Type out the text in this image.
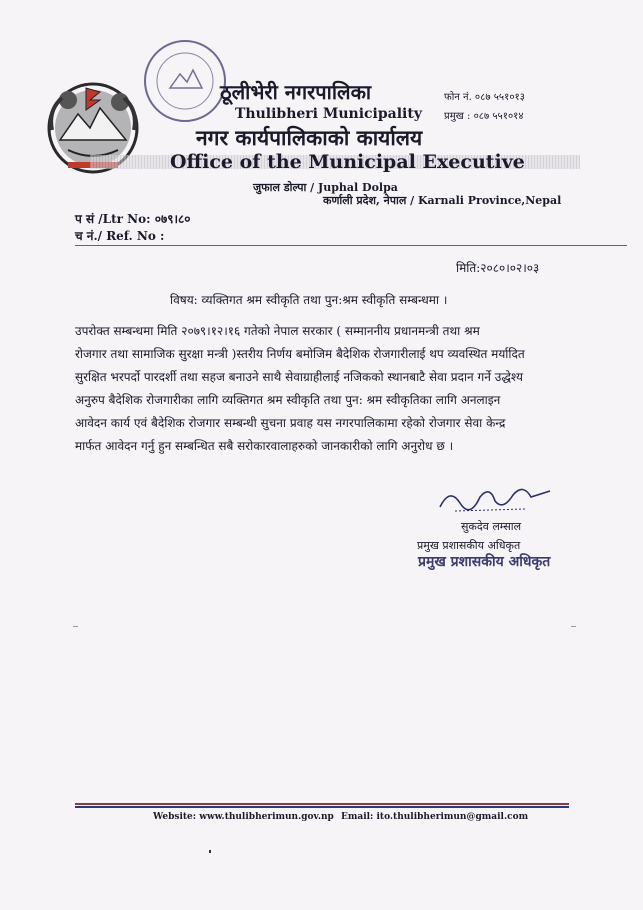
ठूलीभेरी नगरपालिका
Thulibheri Municipality
नगर कार्यपालिकाको कार्यालय
Office of the Municipal Executive
जुफाल डोल्पा / Juphal Dolpa
कर्णाली प्रदेश, नेपाल / Karnali Province,Nepal
फोन नं. ०८७ ५५१०१३
प्रमुख : ०८७ ५५१०१४
प सं /Ltr No: ०७९।८०
च नं./ Ref. No :
मिति:२०८०।०२।०३
विषय: व्यक्तिगत श्रम स्वीकृति तथा पुन:श्रम स्वीकृति सम्बन्धमा ।
उपरोक्त सम्बन्धमा मिति २०७९।१२।१६ गतेको नेपाल सरकार ( सम्माननीय प्रधानमन्त्री तथा श्रम
रोजगार तथा सामाजिक सुरक्षा मन्त्री )स्तरीय निर्णय बमोजिम बैदेशिक रोजगारीलाई थप व्यवस्थित मर्यादित
सुरक्षित भरपर्दो पारदर्शी तथा सहज बनाउने साथै सेवाग्राहीलाई नजिकको स्थानबाटै सेवा प्रदान गर्ने उद्धेश्य
अनुरुप बैदेशिक रोजगारीका लागि व्यक्तिगत श्रम स्वीकृति तथा पुन: श्रम स्वीकृतिका लागि अनलाइन
आवेदन कार्य एवं बैदेशिक रोजगार सम्बन्धी सुचना प्रवाह यस नगरपालिकामा रहेको रोजगार सेवा केन्द्र
मार्फत आवेदन गर्नु हुन सम्बन्धित सबै सरोकारवालाहरुको जानकारीको लागि अनुरोध छ ।
सुकदेव लम्साल
प्रमुख प्रशासकीय अधिकृत
प्रमुख प्रशासकीय अधिकृत
Website: www.thulibherimun.gov.np Email: ito.thulibherimun@gmail.com
